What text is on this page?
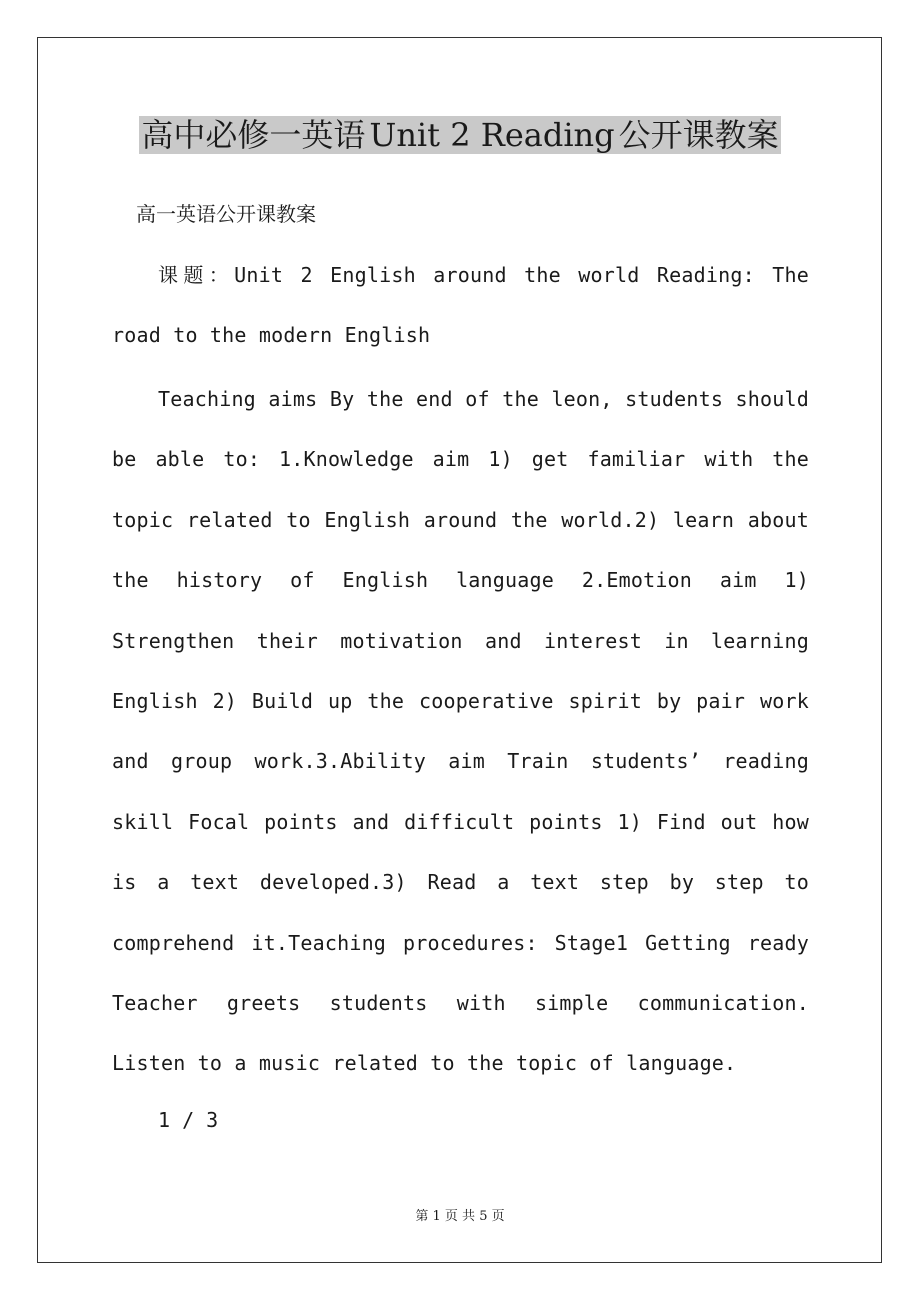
高中必修一英语 Unit 2 Reading 公开课教案
高一英语公开课教案
课题：Unit 2 English around the world Reading: The road to the modern English
Teaching aims By the end of the leon, students should be able to: 1.Knowledge aim 1) get familiar with the topic related to English around the world.2) learn about the history of English language 2.Emotion aim 1) Strengthen their motivation and interest in learning English 2) Build up the cooperative spirit by pair work and group work.3.Ability aim Train students’ reading skill Focal points and difficult points 1) Find out how is a text developed.3) Read a text step by step to comprehend it.Teaching procedures: Stage1 Getting ready Teacher greets students with simple communication. Listen to a music related to the topic of language.
1 / 3
第 1 页 共 5 页
